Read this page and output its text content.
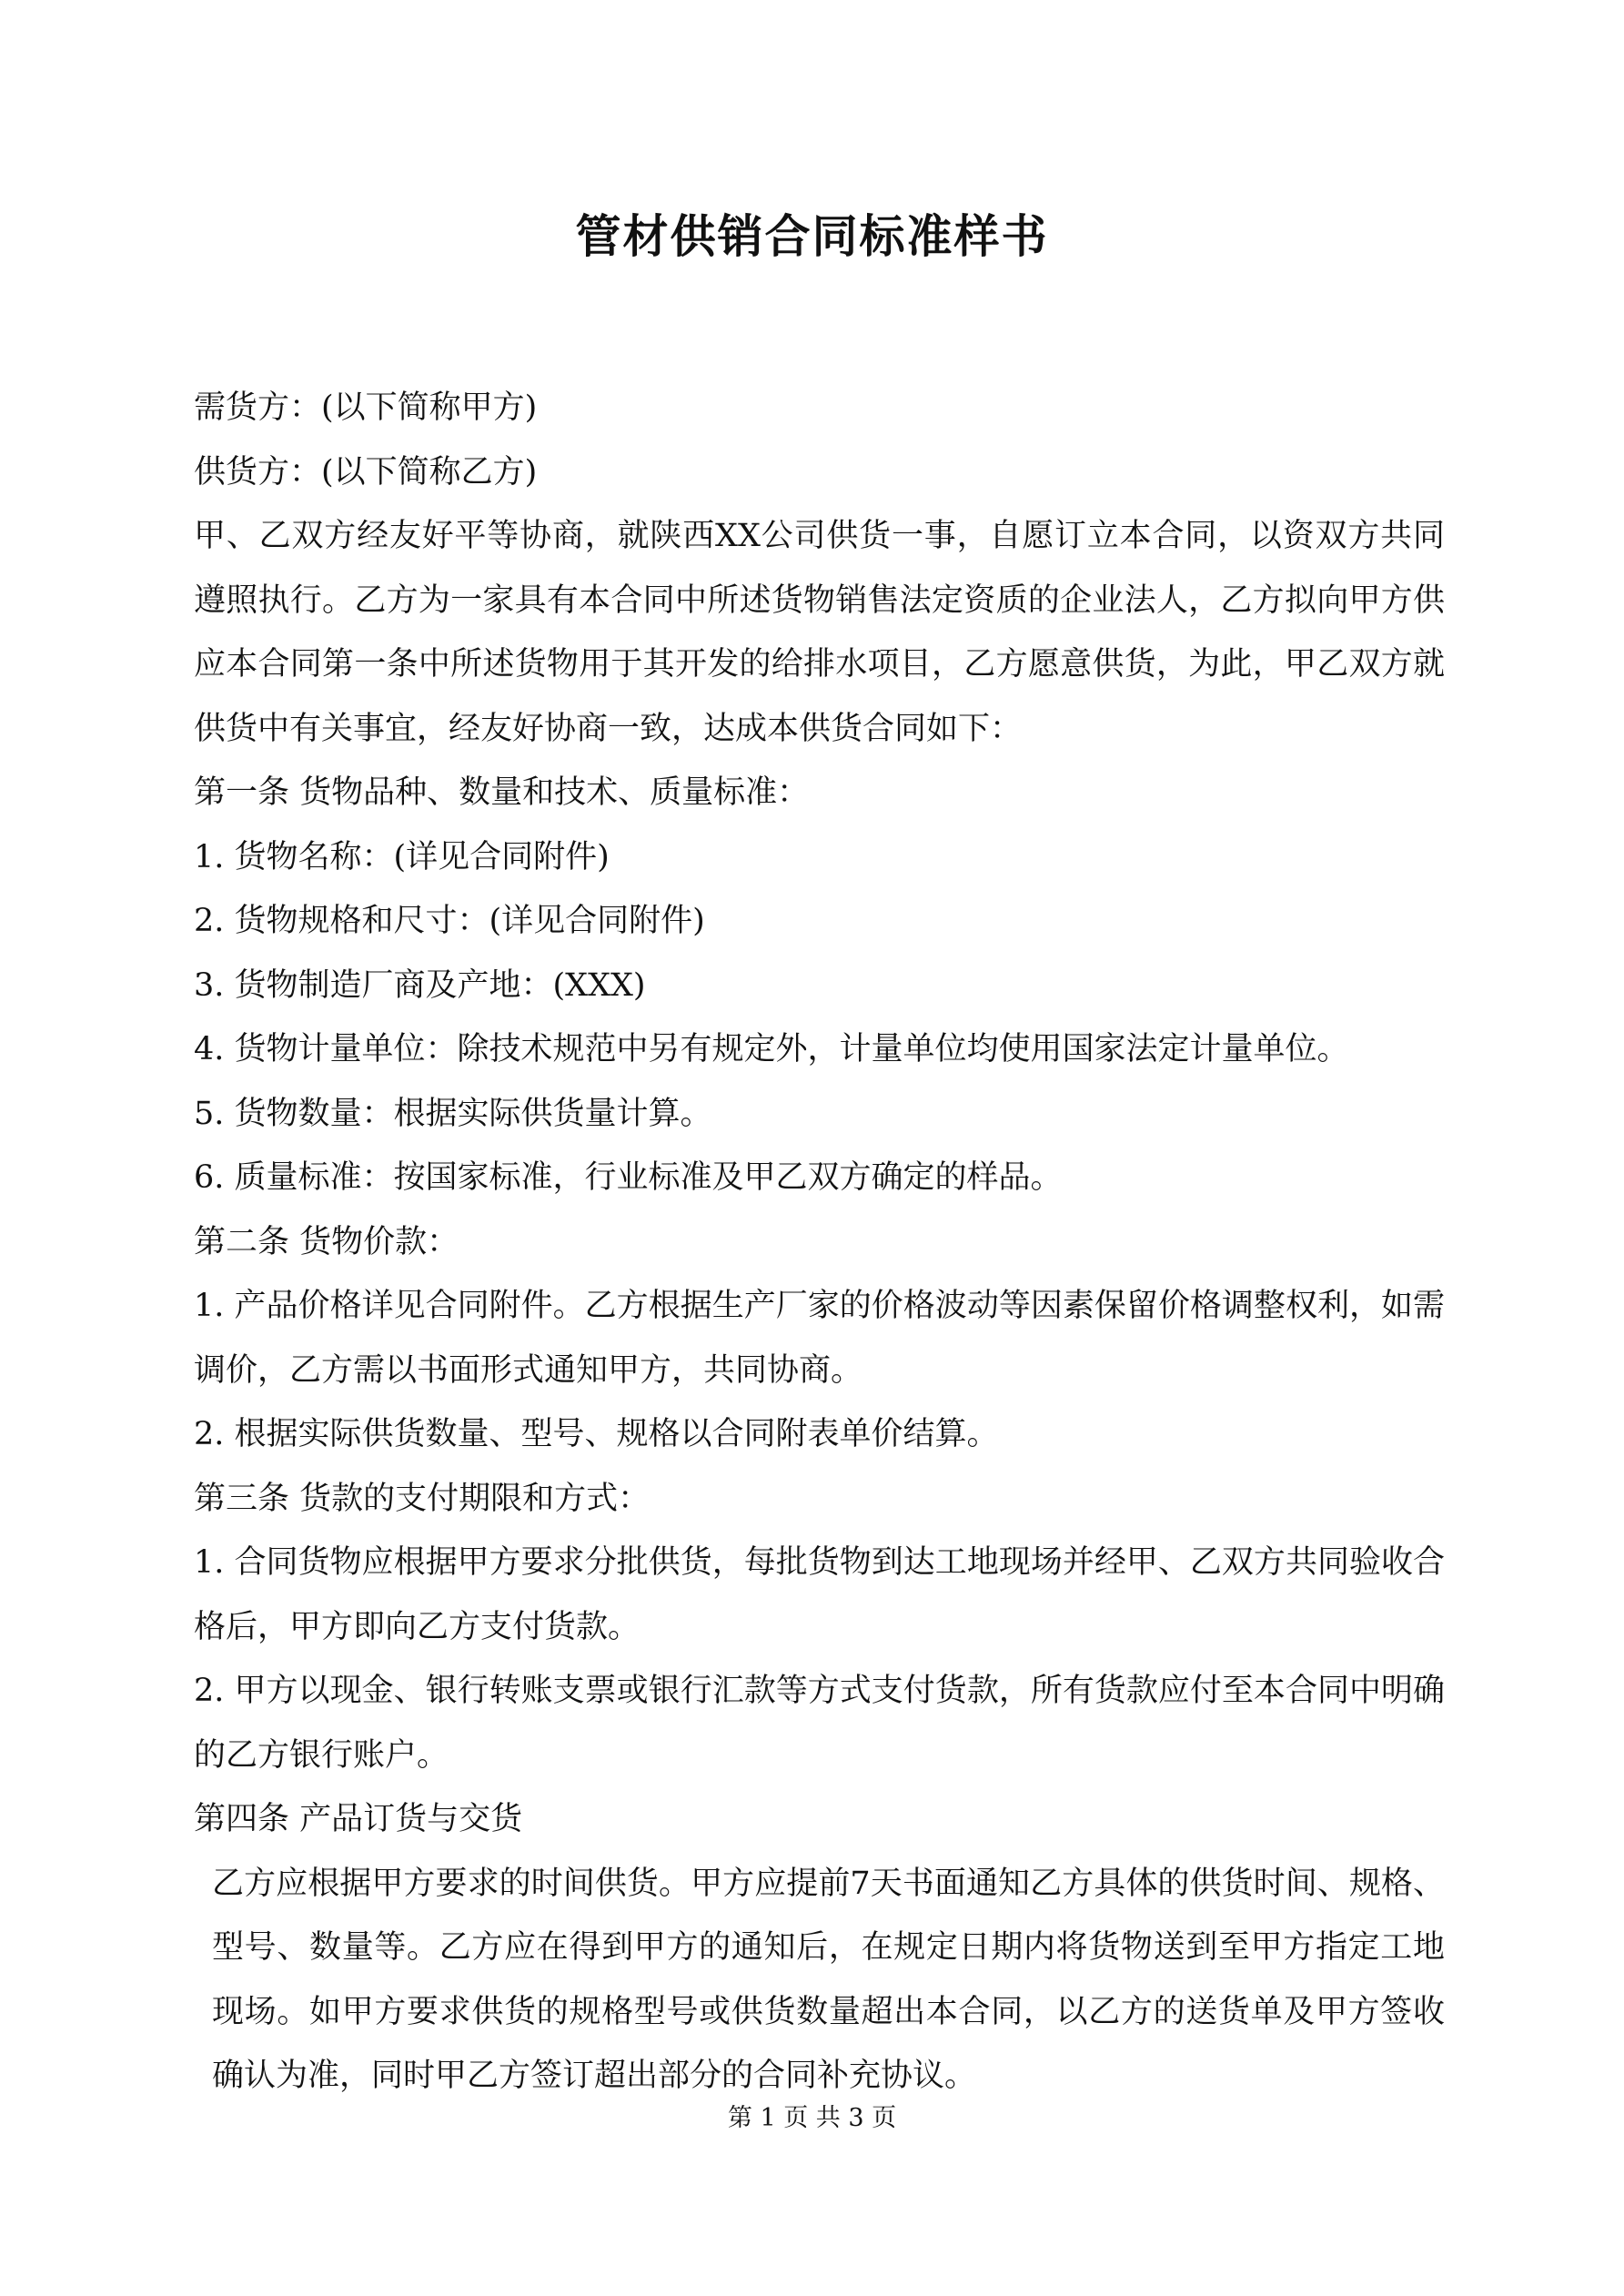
管材供销合同标准样书

需货方：(以下简称甲方)

供货方：(以下简称乙方)

甲、乙双方经友好平等协商，就陕西XX公司供货一事，自愿订立本合同，以资双方共同遵照执行。乙方为一家具有本合同中所述货物销售法定资质的企业法人，乙方拟向甲方供应本合同第一条中所述货物用于其开发的给排水项目，乙方愿意供货，为此，甲乙双方就供货中有关事宜，经友好协商一致，达成本供货合同如下：

第一条 货物品种、数量和技术、质量标准：

1. 货物名称：(详见合同附件)

2. 货物规格和尺寸：(详见合同附件)

3. 货物制造厂商及产地：(XXX)

4. 货物计量单位：除技术规范中另有规定外，计量单位均使用国家法定计量单位。

5. 货物数量：根据实际供货量计算。

6. 质量标准：按国家标准，行业标准及甲乙双方确定的样品。

第二条 货物价款：

1. 产品价格详见合同附件。乙方根据生产厂家的价格波动等因素保留价格调整权利，如需调价，乙方需以书面形式通知甲方，共同协商。

2. 根据实际供货数量、型号、规格以合同附表单价结算。

第三条 货款的支付期限和方式：

1. 合同货物应根据甲方要求分批供货，每批货物到达工地现场并经甲、乙双方共同验收合格后，甲方即向乙方支付货款。

2. 甲方以现金、银行转账支票或银行汇款等方式支付货款，所有货款应付至本合同中明确的乙方银行账户。

第四条 产品订货与交货

乙方应根据甲方要求的时间供货。甲方应提前7天书面通知乙方具体的供货时间、规格、型号、数量等。乙方应在得到甲方的通知后，在规定日期内将货物送到至甲方指定工地现场。如甲方要求供货的规格型号或供货数量超出本合同，以乙方的送货单及甲方签收确认为准，同时甲乙方签订超出部分的合同补充协议。

第 1 页 共 3 页
